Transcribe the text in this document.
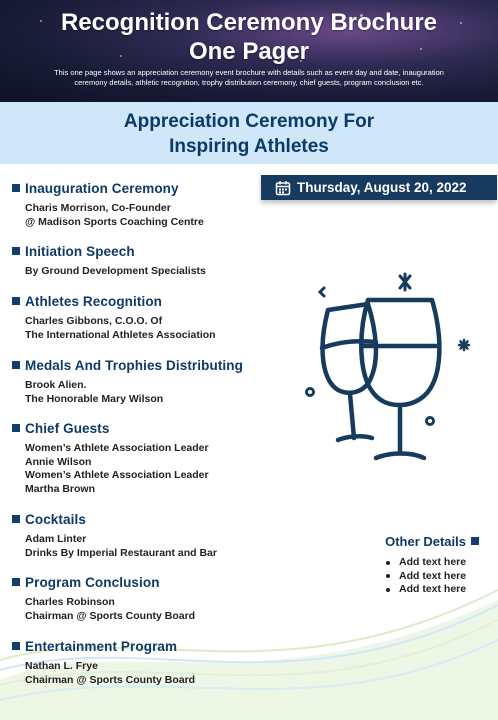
Recognition Ceremony Brochure
One Pager
This one page shows an appreciation ceremony event brochure with details such as event day and date, inauguration
ceremony details, athletic recognition, trophy distribution ceremony, chief guests, program conclusion etc.
Appreciation Ceremony For
Inspiring Athletes
Thursday, August 20, 2022
Inauguration Ceremony
Charis Morrison, Co-Founder
@ Madison Sports Coaching Centre
Initiation Speech
By Ground Development Specialists
Athletes Recognition
Charles Gibbons, C.O.O. Of
The International Athletes Association
Medals And Trophies Distributing
Brook Alien.
The Honorable Mary Wilson
Chief Guests
Women’s Athlete Association Leader
Annie Wilson
Women’s Athlete Association Leader
Martha Brown
Cocktails
Adam Linter
Drinks By Imperial Restaurant and Bar
Program Conclusion
Charles Robinson
Chairman @ Sports County Board
Entertainment Program
Nathan L. Frye
Chairman @ Sports County Board
Other Details
Add text here
Add text here
Add text here
